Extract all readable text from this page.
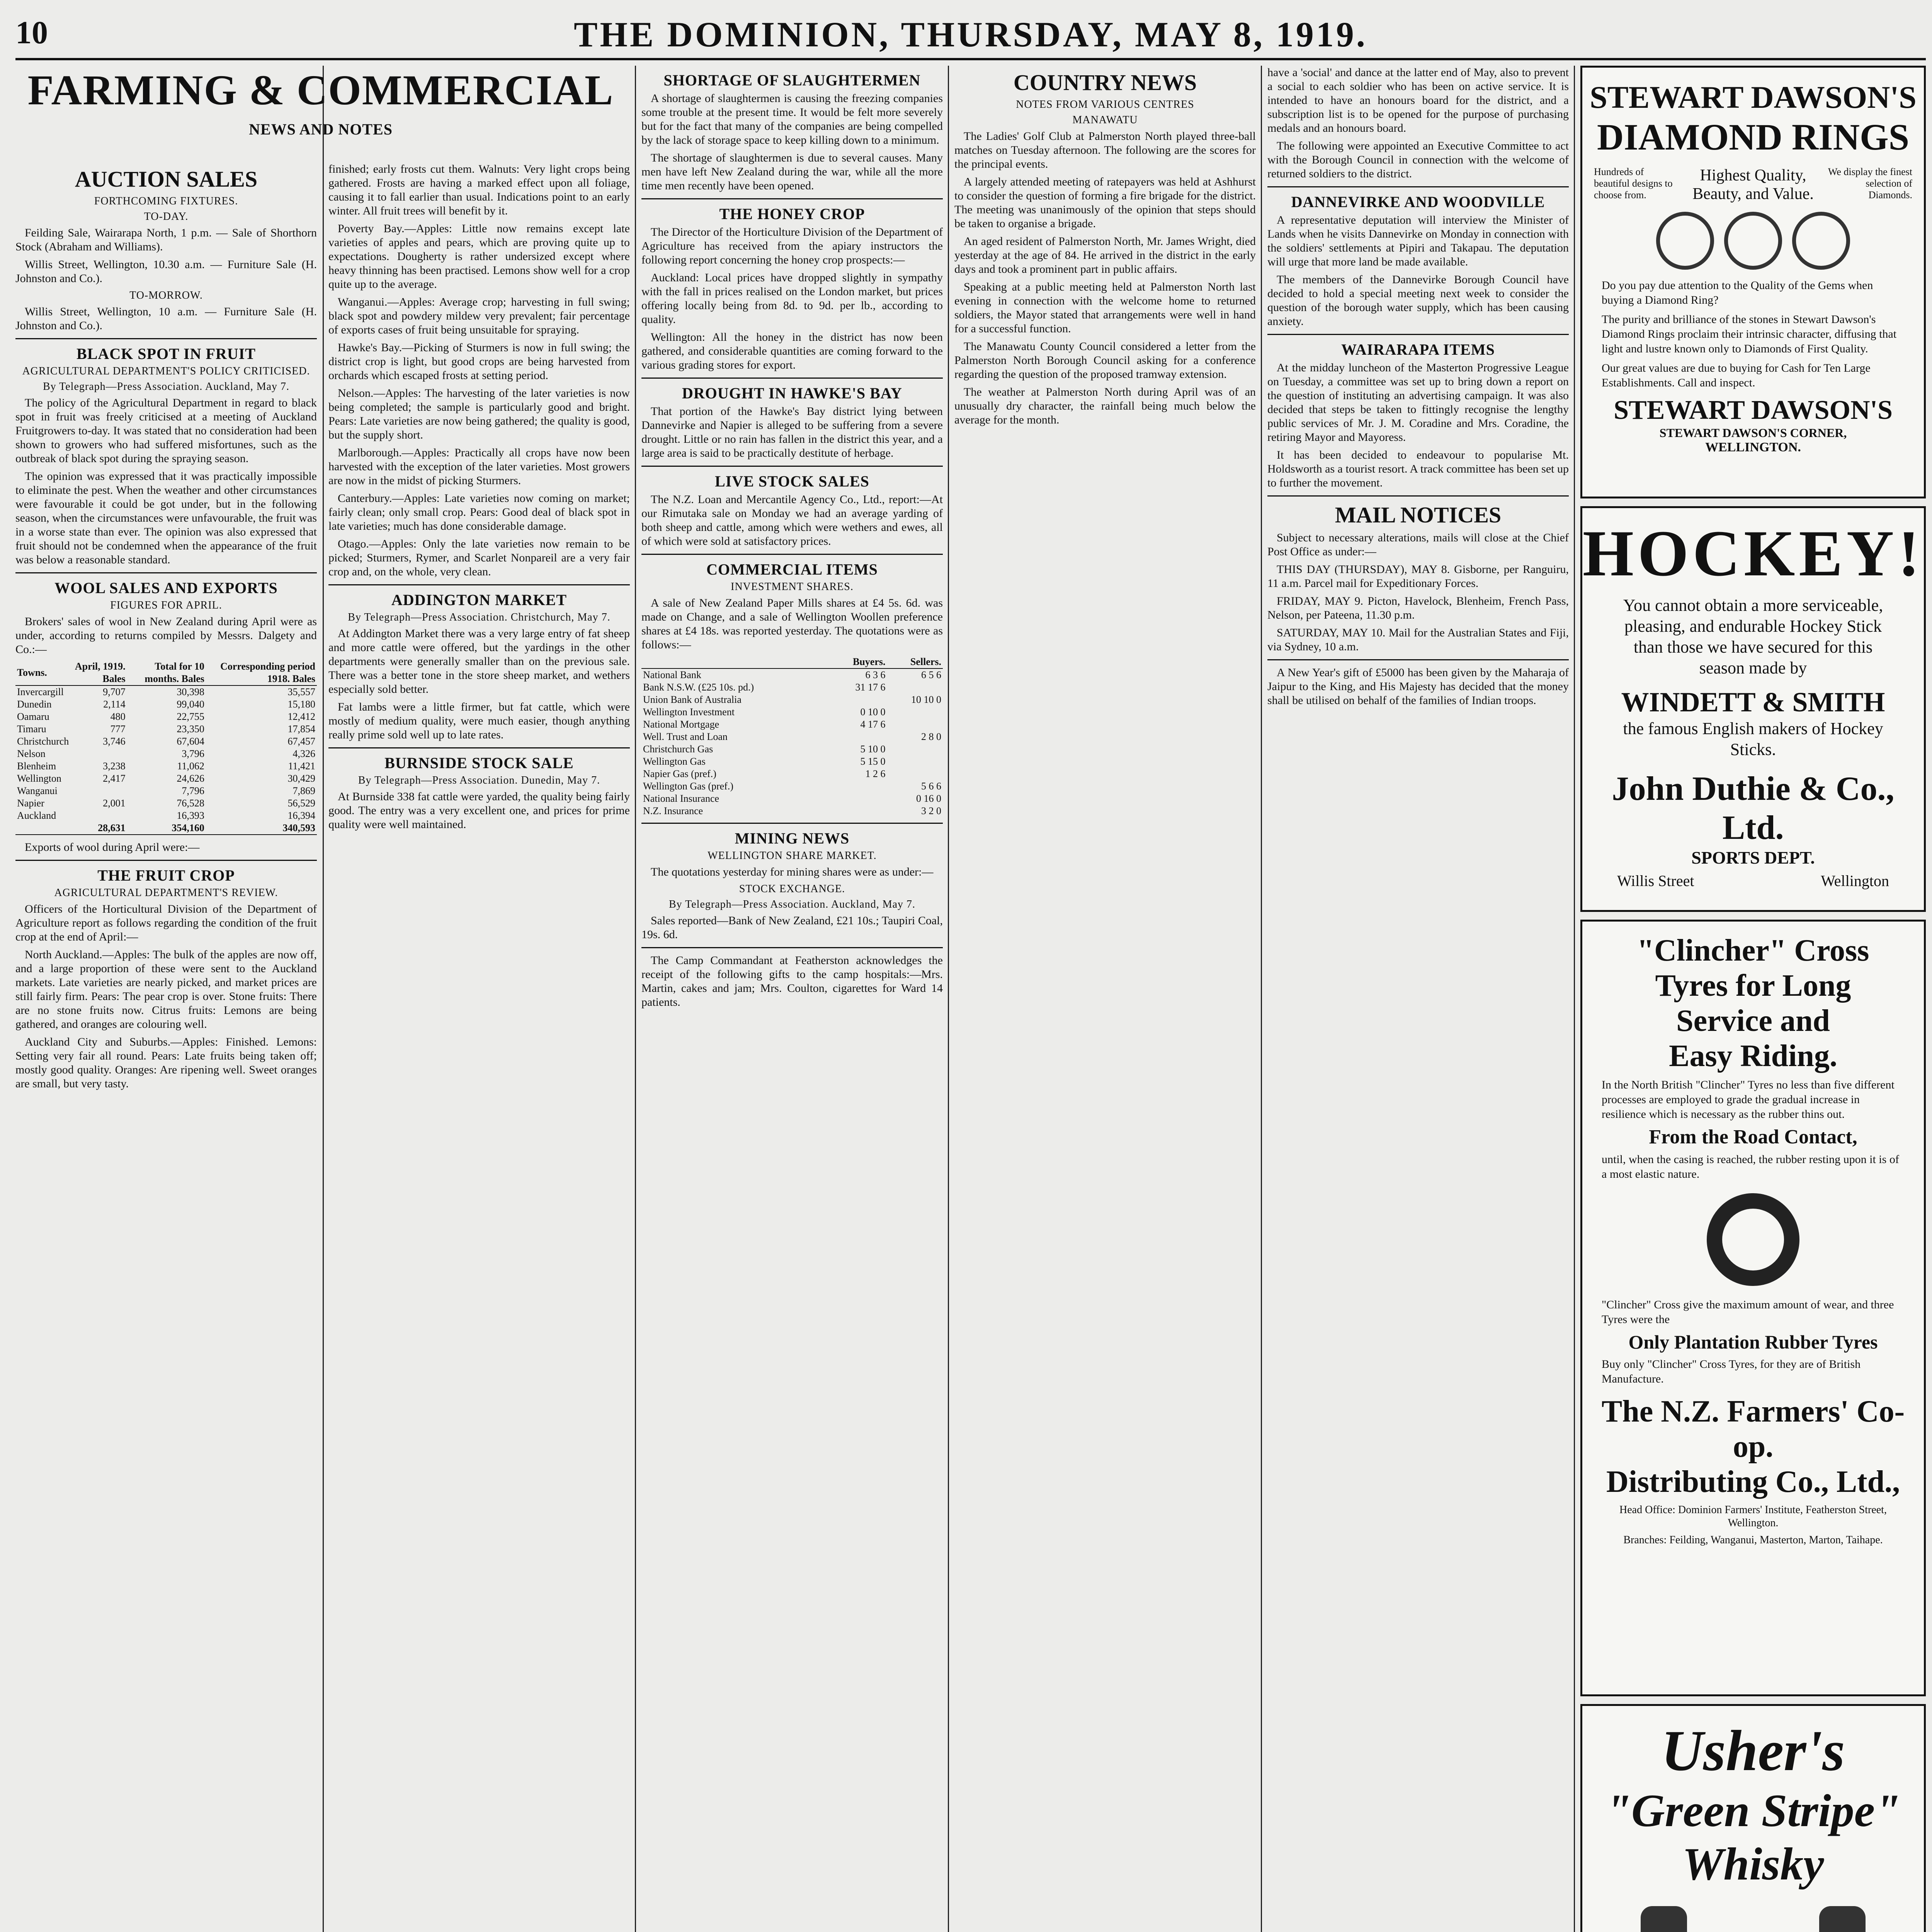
10	THE DOMINION, THURSDAY, MAY 8, 1919.
FARMING & COMMERCIAL
NEWS AND NOTES
AUCTION SALES
FORTHCOMING FIXTURES.
TO-DAY.

Feilding Sale, Wairarapa North, 1 p.m. — Sale of Shorthorn Stock (Abraham and Williams).

Willis Street, Wellington, 10.30 a.m. — Furniture Sale (H. Johnston and Co.).

TO-MORROW.

Willis Street, Wellington, 10 a.m. — Furniture Sale (H. Johnston and Co.).

BLACK SPOT IN FRUIT
AGRICULTURAL DEPARTMENT'S POLICY CRITICISED.
By Telegraph—Press Association. Auckland, May 7.

The policy of the Agricultural Department in regard to black spot in fruit was freely criticised at a meeting of Auckland Fruitgrowers to-day. It was stated that no consideration had been shown to growers who had suffered misfortunes, such as the outbreak of black spot during the spraying season.

The opinion was expressed that it was practically impossible to eliminate the pest. When the weather and other circumstances were favourable it could be got under, but in the following season, when the circumstances were unfavourable, the fruit was in a worse state than ever. The opinion was also expressed that fruit should not be condemned when the appearance of the fruit was below a reasonable standard.

WOOL SALES AND EXPORTS
FIGURES FOR APRIL.

Brokers' sales of wool in New Zealand during April were as under, according to returns compiled by Messrs. Dalgety and Co.:—

Towns.	April, 1919. Bales	Total for 10 months. Bales	Corresponding period 1918. Bales
Invercargill	9,707	30,398	35,557
Dunedin	2,114	99,040	15,180
Oamaru	480	22,755	12,412
Timaru	777	23,350	17,854
Christchurch	3,746	67,604	67,457
Nelson		3,796	4,326
Blenheim	3,238	11,062	11,421
Wellington	2,417	24,626	30,429
Wanganui		7,796	7,869
Napier	2,001	76,528	56,529
Auckland		16,393	16,394
	28,631	354,160	340,593

Exports of wool during April were:—

THE FRUIT CROP
AGRICULTURAL DEPARTMENT'S REVIEW.

Officers of the Horticultural Division of the Department of Agriculture report as follows regarding the condition of the fruit crop at the end of April:—

North Auckland.—Apples: The bulk of the apples are now off, and a large proportion of these were sent to the Auckland markets. Late varieties are nearly picked, and market prices are still fairly firm. Pears: The pear crop is over. Stone fruits: There are no stone fruits now. Citrus fruits: Lemons are being gathered, and oranges are colouring well.

Auckland City and Suburbs.—Apples: Finished. Lemons: Setting very fair all round. Pears: Late fruits being taken off; mostly good quality. Oranges: Are ripening well. Sweet oranges are small, but very tasty.

finished; early frosts cut them. Walnuts: Very light crops being gathered. Frosts are having a marked effect upon all foliage, causing it to fall earlier than usual. Indications point to an early winter. All fruit trees will benefit by it.

Poverty Bay.—Apples: Little now remains except late varieties of apples and pears, which are proving quite up to expectations. Dougherty is rather undersized except where heavy thinning has been practised. Lemons show well for a crop quite up to the average.

Wanganui.—Apples: Average crop; harvesting in full swing; black spot and powdery mildew very prevalent; fair percentage of exports cases of fruit being unsuitable for spraying.

Hawke's Bay.—Picking of Sturmers is now in full swing; the district crop is light, but good crops are being harvested from orchards which escaped frosts at setting period.

Nelson.—Apples: The harvesting of the later varieties is now being completed; the sample is particularly good and bright. Pears: Late varieties are now being gathered; the quality is good, but the supply short.

Marlborough.—Apples: Practically all crops have now been harvested with the exception of the later varieties. Most growers are now in the midst of picking Sturmers.

Canterbury.—Apples: Late varieties now coming on market; fairly clean; only small crop. Pears: Good deal of black spot in late varieties; much has done considerable damage.

Otago.—Apples: Only the late varieties now remain to be picked; Sturmers, Rymer, and Scarlet Nonpareil are a very fair crop and, on the whole, very clean.

ADDINGTON MARKET
By Telegraph—Press Association. Christchurch, May 7.

At Addington Market there was a very large entry of fat sheep and more cattle were offered, but the yardings in the other departments were generally smaller than on the previous sale. There was a better tone in the store sheep market, and wethers especially sold better.

Fat lambs were a little firmer, but fat cattle, which were mostly of medium quality, were much easier, though anything really prime sold well up to late rates.

BURNSIDE STOCK SALE
By Telegraph—Press Association. Dunedin, May 7.

At Burnside 338 fat cattle were yarded, the quality being fairly good. The entry was a very excellent one, and prices for prime quality were well maintained.

SHORTAGE OF SLAUGHTERMEN

A shortage of slaughtermen is causing the freezing companies some trouble at the present time. It would be felt more severely but for the fact that many of the companies are being compelled by the lack of storage space to keep killing down to a minimum.

The shortage of slaughtermen is due to several causes. Many men have left New Zealand during the war, while all the more time men recently have been opened.

THE HONEY CROP

The Director of the Horticulture Division of the Department of Agriculture has received from the apiary instructors the following report concerning the honey crop prospects:—

Auckland: Local prices have dropped slightly in sympathy with the fall in prices realised on the London market, but prices offering locally being from 8d. to 9d. per lb., according to quality.

Wellington: All the honey in the district has now been gathered, and considerable quantities are coming forward to the various grading stores for export.

DROUGHT IN HAWKE'S BAY

That portion of the Hawke's Bay district lying between Dannevirke and Napier is alleged to be suffering from a severe drought. Little or no rain has fallen in the district this year, and a large area is said to be practically destitute of herbage.

LIVE STOCK SALES

The N.Z. Loan and Mercantile Agency Co., Ltd., report:—At our Rimutaka sale on Monday we had an average yarding of both sheep and cattle, among which were wethers and ewes, all of which were sold at satisfactory prices.

COMMERCIAL ITEMS
INVESTMENT SHARES.

A sale of New Zealand Paper Mills shares at £4 5s. 6d. was made on Change, and a sale of Wellington Woollen preference shares at £4 18s. was reported yesterday. The quotations were as follows:—

	Buyers.	Sellers.
National Bank	6 3 6	6 5 6
Bank N.S.W. (£25 10s. pd.)	31 17 6	
Union Bank of Australia		10 10 0
Wellington Investment	0 10 0	
National Mortgage	4 17 6	
Well. Trust and Loan		2 8 0
Christchurch Gas	5 10 0	
Wellington Gas	5 15 0	
Napier Gas (pref.)	1 2 6	
Wellington Gas (pref.)		5 6 6
National Insurance		0 16 0
N.Z. Insurance		3 2 0
MINING NEWS
WELLINGTON SHARE MARKET.

The quotations yesterday for mining shares were as under:—

STOCK EXCHANGE.
By Telegraph—Press Association. Auckland, May 7.

Sales reported—Bank of New Zealand, £21 10s.; Taupiri Coal, 19s. 6d.

The Camp Commandant at Featherston acknowledges the receipt of the following gifts to the camp hospitals:—Mrs. Martin, cakes and jam; Mrs. Coulton, cigarettes for Ward 14 patients.

COUNTRY NEWS
NOTES FROM VARIOUS CENTRES
MANAWATU

The Ladies' Golf Club at Palmerston North played three-ball matches on Tuesday afternoon. The following are the scores for the principal events.

A largely attended meeting of ratepayers was held at Ashhurst to consider the question of forming a fire brigade for the district. The meeting was unanimously of the opinion that steps should be taken to organise a brigade.

An aged resident of Palmerston North, Mr. James Wright, died yesterday at the age of 84. He arrived in the district in the early days and took a prominent part in public affairs.

Speaking at a public meeting held at Palmerston North last evening in connection with the welcome home to returned soldiers, the Mayor stated that arrangements were well in hand for a successful function.

The Manawatu County Council considered a letter from the Palmerston North Borough Council asking for a conference regarding the question of the proposed tramway extension.

The weather at Palmerston North during April was of an unusually dry character, the rainfall being much below the average for the month.

have a 'social' and dance at the latter end of May, also to prevent a social to each soldier who has been on active service. It is intended to have an honours board for the district, and a subscription list is to be opened for the purpose of purchasing medals and an honours board.

The following were appointed an Executive Committee to act with the Borough Council in connection with the welcome of returned soldiers to the district.

DANNEVIRKE AND WOODVILLE

A representative deputation will interview the Minister of Lands when he visits Dannevirke on Monday in connection with the soldiers' settlements at Pipiri and Takapau. The deputation will urge that more land be made available.

The members of the Dannevirke Borough Council have decided to hold a special meeting next week to consider the question of the borough water supply, which has been causing anxiety.

WAIRARAPA ITEMS

At the midday luncheon of the Masterton Progressive League on Tuesday, a committee was set up to bring down a report on the question of instituting an advertising campaign. It was also decided that steps be taken to fittingly recognise the lengthy public services of Mr. J. M. Coradine and Mrs. Coradine, the retiring Mayor and Mayoress.

It has been decided to endeavour to popularise Mt. Holdsworth as a tourist resort. A track committee has been set up to further the movement.

MAIL NOTICES

Subject to necessary alterations, mails will close at the Chief Post Office as under:—

THIS DAY (THURSDAY), MAY 8. Gisborne, per Ranguiru, 11 a.m. Parcel mail for Expeditionary Forces.

FRIDAY, MAY 9. Picton, Havelock, Blenheim, French Pass, Nelson, per Pateena, 11.30 p.m.

SATURDAY, MAY 10. Mail for the Australian States and Fiji, via Sydney, 10 a.m.

A New Year's gift of £5000 has been given by the Maharaja of Jaipur to the King, and His Majesty has decided that the money shall be utilised on behalf of the families of Indian troops.

STEWART DAWSON'S
DIAMOND RINGS
Hundreds of beautiful designs to choose from.
Highest Quality,
Beauty, and Value.
We display the finest selection of Diamonds.

Do you pay due attention to the Quality of the Gems when buying a Diamond Ring?

The purity and brilliance of the stones in Stewart Dawson's Diamond Rings proclaim their intrinsic character, diffusing that light and lustre known only to Diamonds of First Quality.

Our great values are due to buying for Cash for Ten Large Establishments. Call and inspect.

STEWART DAWSON'S
STEWART DAWSON'S CORNER,
WELLINGTON.
HOCKEY!
You cannot obtain a more serviceable, pleasing, and endurable Hockey Stick than those we have secured for this season made by
WINDETT & SMITH
the famous English makers of Hockey Sticks.
John Duthie & Co., Ltd.
SPORTS DEPT.
Willis Street	Wellington
"Clincher" Cross
Tyres for Long
Service and
Easy Riding.
In the North British "Clincher" Tyres no less than five different processes are employed to grade the gradual increase in resilience which is necessary as the rubber thins out.
From the Road Contact,
until, when the casing is reached, the rubber resting upon it is of a most elastic nature.
"Clincher" Cross give the maximum amount of wear, and three Tyres were the
Only Plantation Rubber Tyres
Buy only "Clincher" Cross Tyres, for they are of British Manufacture.
The N.Z. Farmers' Co-op.
Distributing Co., Ltd.,
Head Office: Dominion Farmers' Institute, Featherston Street, Wellington.
Branches: Feilding, Wanganui, Masterton, Marton, Taihape.
Usher's
"Green Stripe"
Whisky
